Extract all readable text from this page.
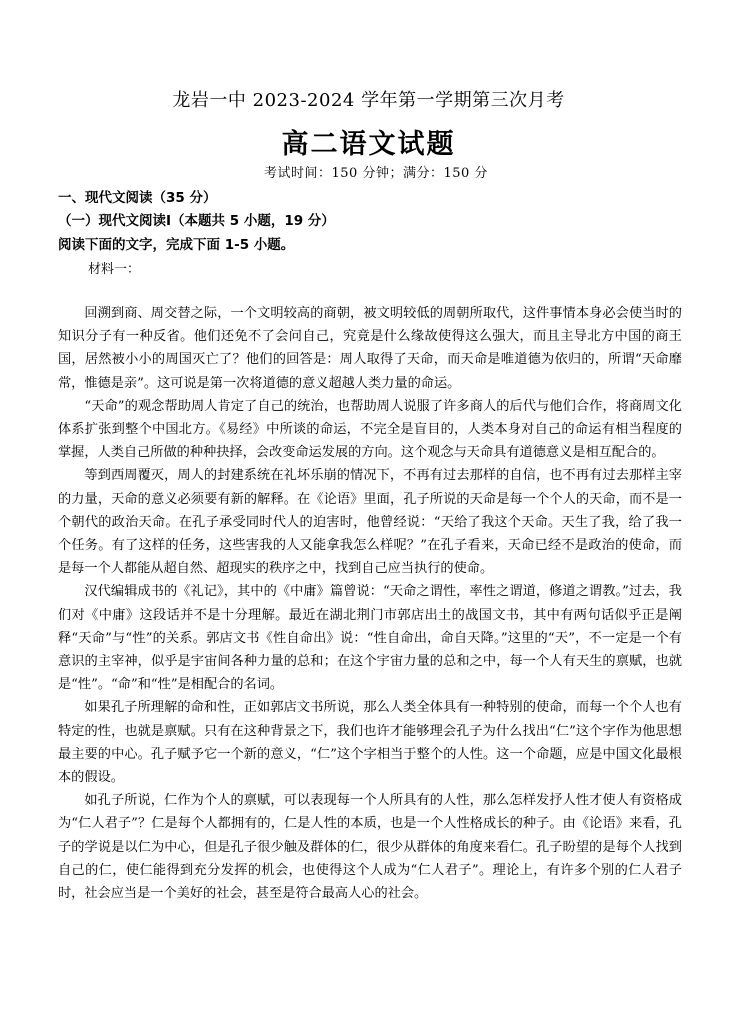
龙岩一中 2023-2024 学年第一学期第三次月考
高二语文试题
考试时间：150 分钟；满分：150 分
一、现代文阅读（35 分）
（一）现代文阅读Ⅰ（本题共 5 小题，19 分）
阅读下面的文字，完成下面 1-5 小题。
材料一：

回溯到商、周交替之际，一个文明较高的商朝，被文明较低的周朝所取代，这件事情本身必会使当时的知识分子有一种反省。他们还免不了会问自己，究竟是什么缘故使得这么强大，而且主导北方中国的商王国，居然被小小的周国灭亡了？他们的回答是：周人取得了天命，而天命是唯道德为依归的，所谓“天命靡常，惟德是亲”。这可说是第一次将道德的意义超越人类力量的命运。

“天命”的观念帮助周人肯定了自己的统治，也帮助周人说服了许多商人的后代与他们合作，将商周文化体系扩张到整个中国北方。《易经》中所谈的命运，不完全是盲目的，人类本身对自己的命运有相当程度的掌握，人类自己所做的种种抉择，会改变命运发展的方向。这个观念与天命具有道德意义是相互配合的。

等到西周覆灭，周人的封建系统在礼坏乐崩的情况下，不再有过去那样的自信，也不再有过去那样主宰的力量，天命的意义必须要有新的解释。在《论语》里面，孔子所说的天命是每一个个人的天命，而不是一个朝代的政治天命。在孔子承受同时代人的迫害时，他曾经说：“天给了我这个天命。天生了我，给了我一个任务。有了这样的任务，这些害我的人又能拿我怎么样呢？”在孔子看来，天命已经不是政治的使命，而是每一个人都能从超自然、超现实的秩序之中，找到自己应当执行的使命。

汉代编辑成书的《礼记》，其中的《中庸》篇曾说：“天命之谓性，率性之谓道，修道之谓教。”过去，我们对《中庸》这段话并不是十分理解。最近在湖北荆门市郭店出土的战国文书，其中有两句话似乎正是阐释“天命”与“性”的关系。郭店文书《性自命出》说：“性自命出，命自天降。”这里的“天”，不一定是一个有意识的主宰神，似乎是宇宙间各种力量的总和；在这个宇宙力量的总和之中，每一个人有天生的禀赋，也就是“性”。“命”和“性”是相配合的名词。

如果孔子所理解的命和性，正如郭店文书所说，那么人类全体具有一种特别的使命，而每一个个人也有特定的性，也就是禀赋。只有在这种背景之下，我们也许才能够理会孔子为什么找出“仁”这个字作为他思想最主要的中心。孔子赋予它一个新的意义，“仁”这个字相当于整个的人性。这一个命题，应是中国文化最根本的假设。

如孔子所说，仁作为个人的禀赋，可以表现每一个人所具有的人性，那么怎样发抒人性才使人有资格成为“仁人君子”？仁是每个人都拥有的，仁是人性的本质，也是一个人性格成长的种子。由《论语》来看，孔子的学说是以仁为中心，但是孔子很少触及群体的仁，很少从群体的角度来看仁。孔子盼望的是每个人找到自己的仁，使仁能得到充分发挥的机会，也使得这个人成为“仁人君子”。理论上，有许多个别的仁人君子时，社会应当是一个美好的社会，甚至是符合最高人心的社会。
